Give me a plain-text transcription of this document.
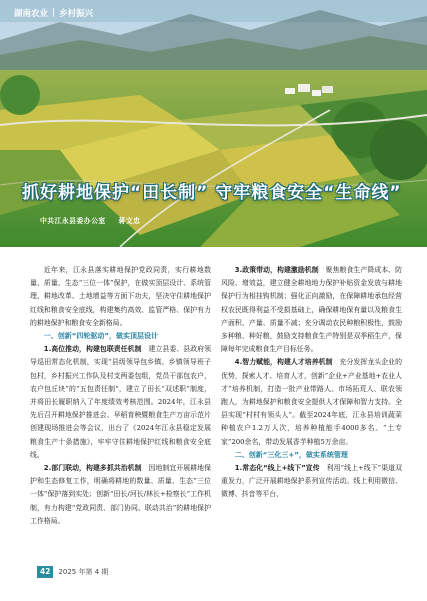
湖南农业 | 乡村振兴
抓好耕地保护“田长制” 守牢粮食安全“生命线”
中共江永县委办公室 蒋文忠

近年来，江永县落实耕地保护党政同责，实行耕地数量、质量、生态“三位一体”保护，在做实顶层设计、系统管理、耕地改革、土地增益等方面下功夫，坚决守住耕地保护红线和粮食安全底线，构建集约高效、监管严格、保护有力的耕地保护和粮食安全新格局。

一、创新“四轮驱动”，做实顶层设计

1.高位推动，构建包联责任机制　 建立县委、县政府领导巡田常态化机制，实现“县级领导包乡镇、乡镇领导班子包村，乡村振兴工作队及村支两委包组，党员干部包农户，农户包丘块”的“五包责任制”，建立了田长“双述职”制度，并将田长履职纳入了年度绩效考核范围。2024年，江永县先后召开耕地保护推进会、早稻育秧暨粮食生产万亩示范片创建现场推进会等会议，出台了《2024年江永县稳定发展粮食生产十条措施》，牢牢守住耕地保护红线和粮食安全底线。

2.部门联动，构建多抓共治机制　 因地制宜开展耕地保护和生态修复工作，明确将耕地的数量、质量、生态“三位一体”保护落到实处；创新“田长/河长/林长+检察长”工作机制，有力构建“党政同责、部门协同、联动共治”的耕地保护工作格局。

3.政策带动，构建激励机制　 聚焦粮食生产降成本、防风险、增效益，建立健全耕地地力保护补贴资金发放与耕地保护行为相挂钩机制；强化正向激励，在保障耕地承包经营权农民既得利益不受损基础上，确保耕地保有量以及粮食生产面积、产量、质量不减；充分调动农民种粮积极性，鼓励多种粮、种好粮，鼓励支持粮食生产特别是双季稻生产，保障每年完成粮食生产目标任务。

4.智力赋能，构建人才培养机制　 充分发挥龙头企业的优势，探索人才、培育人才，创新“企业+产业基地+农业人才”培养机制，打造一批产业带路人、市场拓荒人、联农领跑人，为耕地保护和粮食安全提供人才保障和智力支持。全县实现“村村有领头人”。截至2024年底，江永县培训蔬菜种植农户1.2万人次，培养种植能手4000多名、“土专家”200余名，带动发展香芋种植5万余亩。

二、创新“三化三+”，做实系统管理

1.常态化“线上+线下”宣传　 利用“线上+线下”渠道双重发力，广泛开展耕地保护系列宣传活动。线上利用微信、微博、抖音等平台，

42	2025 年第 4 期
